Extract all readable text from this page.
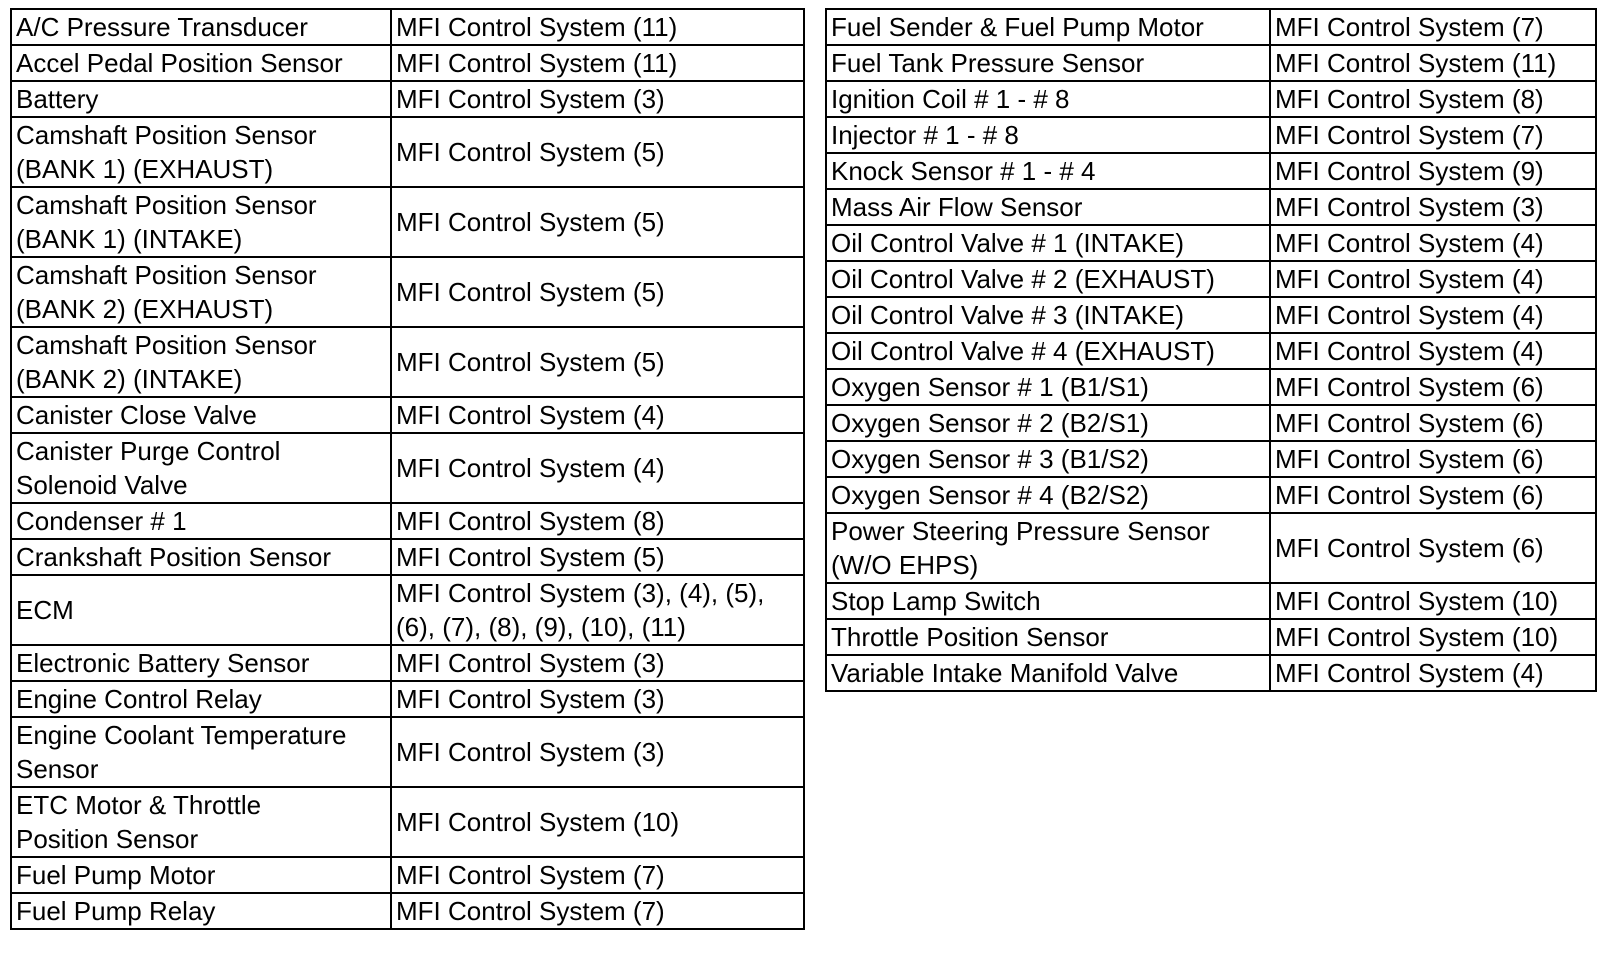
A/C Pressure Transducer	MFI Control System (11)

Accel Pedal Position Sensor	MFI Control System (11)

Battery	MFI Control System (3)

Camshaft Position Sensor
(BANK 1) (EXHAUST)	MFI Control System (5)

Camshaft Position Sensor
(BANK 1) (INTAKE)	MFI Control System (5)

Camshaft Position Sensor
(BANK 2) (EXHAUST)	MFI Control System (5)

Camshaft Position Sensor
(BANK 2) (INTAKE)	MFI Control System (5)

Canister Close Valve	MFI Control System (4)

Canister Purge Control
Solenoid Valve	MFI Control System (4)

Condenser # 1	MFI Control System (8)

Crankshaft Position Sensor	MFI Control System (5)

ECM	MFI Control System (3), (4), (5),
(6), (7), (8), (9), (10), (11)

Electronic Battery Sensor	MFI Control System (3)

Engine Control Relay	MFI Control System (3)

Engine Coolant Temperature
Sensor	MFI Control System (3)

ETC Motor & Throttle
Position Sensor	MFI Control System (10)

Fuel Pump Motor	MFI Control System (7)

Fuel Pump Relay	MFI Control System (7)
Fuel Sender & Fuel Pump Motor	MFI Control System (7)

Fuel Tank Pressure Sensor	MFI Control System (11)

Ignition Coil # 1 - # 8	MFI Control System (8)

Injector # 1 - # 8	MFI Control System (7)

Knock Sensor # 1 - # 4	MFI Control System (9)

Mass Air Flow Sensor	MFI Control System (3)

Oil Control Valve # 1 (INTAKE)	MFI Control System (4)

Oil Control Valve # 2 (EXHAUST)	MFI Control System (4)

Oil Control Valve # 3 (INTAKE)	MFI Control System (4)

Oil Control Valve # 4 (EXHAUST)	MFI Control System (4)

Oxygen Sensor # 1 (B1/S1)	MFI Control System (6)

Oxygen Sensor # 2 (B2/S1)	MFI Control System (6)

Oxygen Sensor # 3 (B1/S2)	MFI Control System (6)

Oxygen Sensor # 4 (B2/S2)	MFI Control System (6)

Power Steering Pressure Sensor
(W/O EHPS)	MFI Control System (6)

Stop Lamp Switch	MFI Control System (10)

Throttle Position Sensor	MFI Control System (10)

Variable Intake Manifold Valve	MFI Control System (4)
